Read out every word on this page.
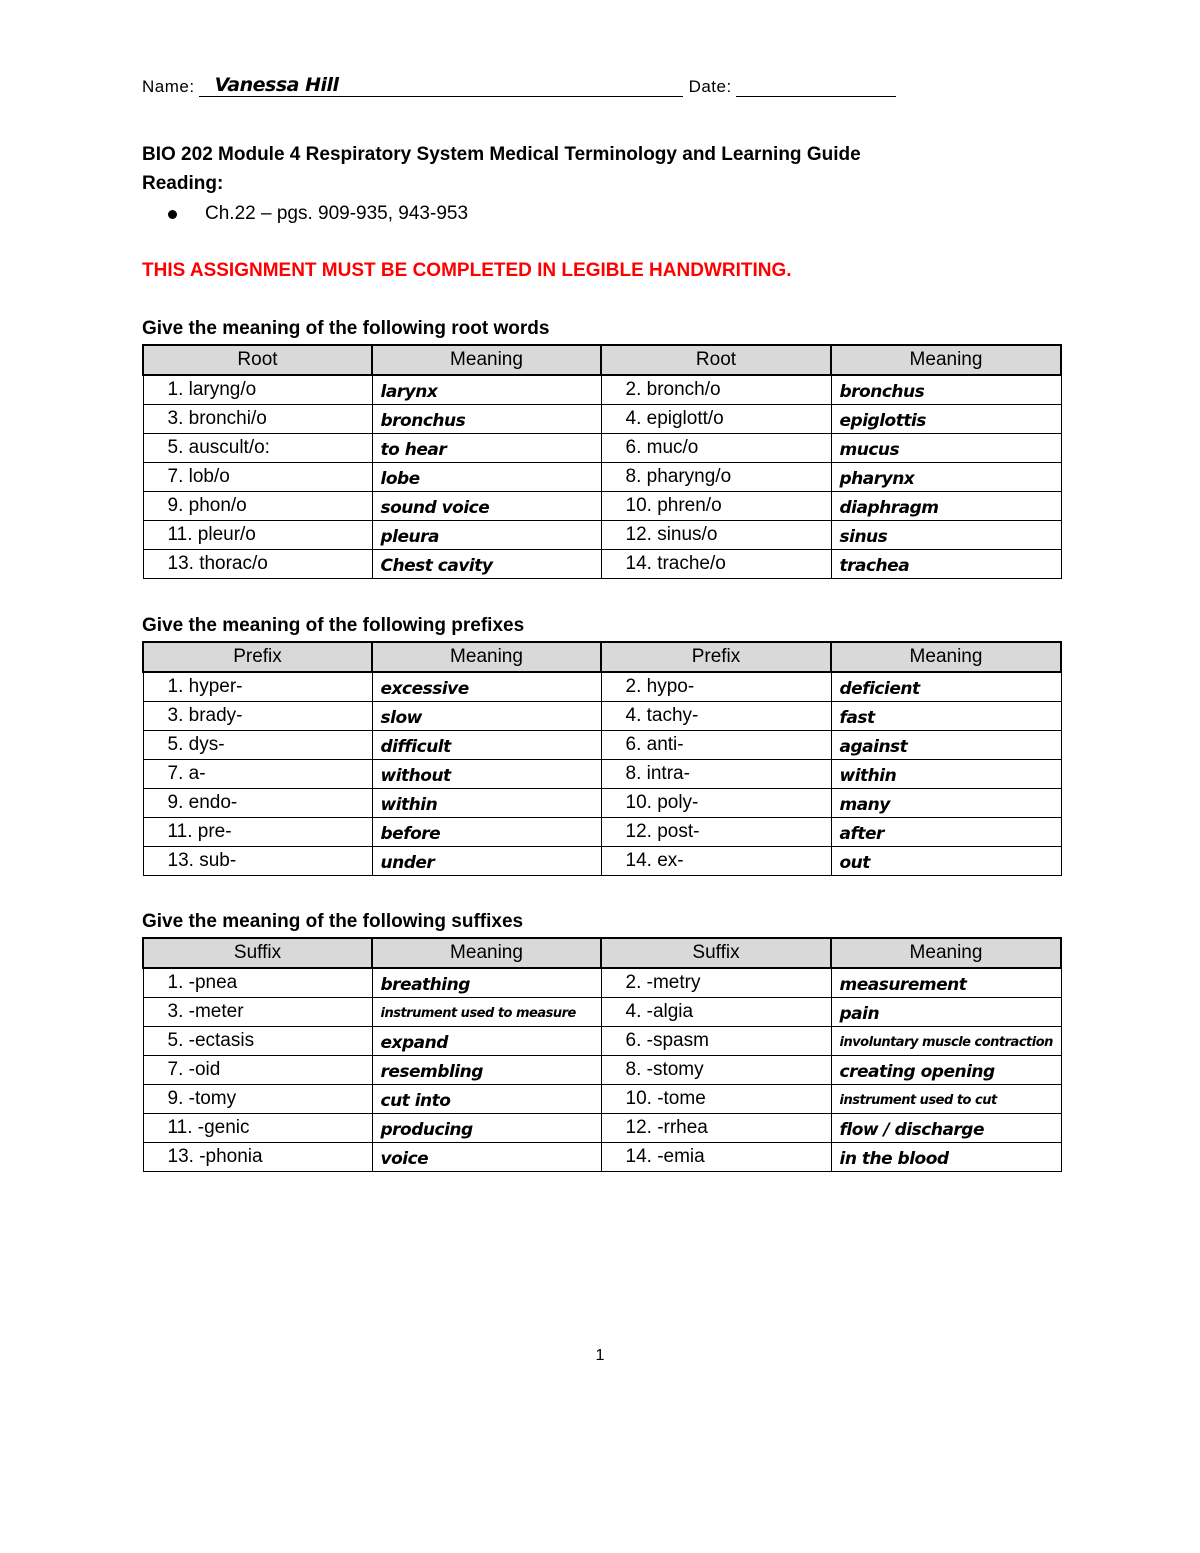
Name: Vanessa Hill	Date:
BIO 202 Module 4 Respiratory System Medical Terminology and Learning Guide
Reading:
Ch.22 – pgs. 909-935, 943-953
THIS ASSIGNMENT MUST BE COMPLETED IN LEGIBLE HANDWRITING.
Give the meaning of the following root words
Root	Meaning	Root	Meaning
1. laryng/o	larynx	2. bronch/o	bronchus
3. bronchi/o	bronchus	4. epiglott/o	epiglottis
5. auscult/o:	to hear	6. muc/o	mucus
7. lob/o	lobe	8. pharyng/o	pharynx
9. phon/o	sound voice	10. phren/o	diaphragm
11. pleur/o	pleura	12. sinus/o	sinus
13. thorac/o	Chest cavity	14. trache/o	trachea
Give the meaning of the following prefixes
Prefix	Meaning	Prefix	Meaning
1. hyper-	excessive	2. hypo-	deficient
3. brady-	slow	4. tachy-	fast
5. dys-	difficult	6. anti-	against
7. a-	without	8. intra-	within
9. endo-	within	10. poly-	many
11. pre-	before	12. post-	after
13. sub-	under	14. ex-	out
Give the meaning of the following suffixes
Suffix	Meaning	Suffix	Meaning
1. -pnea	breathing	2. -metry	measurement
3. -meter	instrument used to measure	4. -algia	pain
5. -ectasis	expand	6. -spasm	involuntary muscle contraction
7. -oid	resembling	8. -stomy	creating opening
9. -tomy	cut into	10. -tome	instrument used to cut
11. -genic	producing	12. -rrhea	flow / discharge
13. -phonia	voice	14. -emia	in the blood
1
